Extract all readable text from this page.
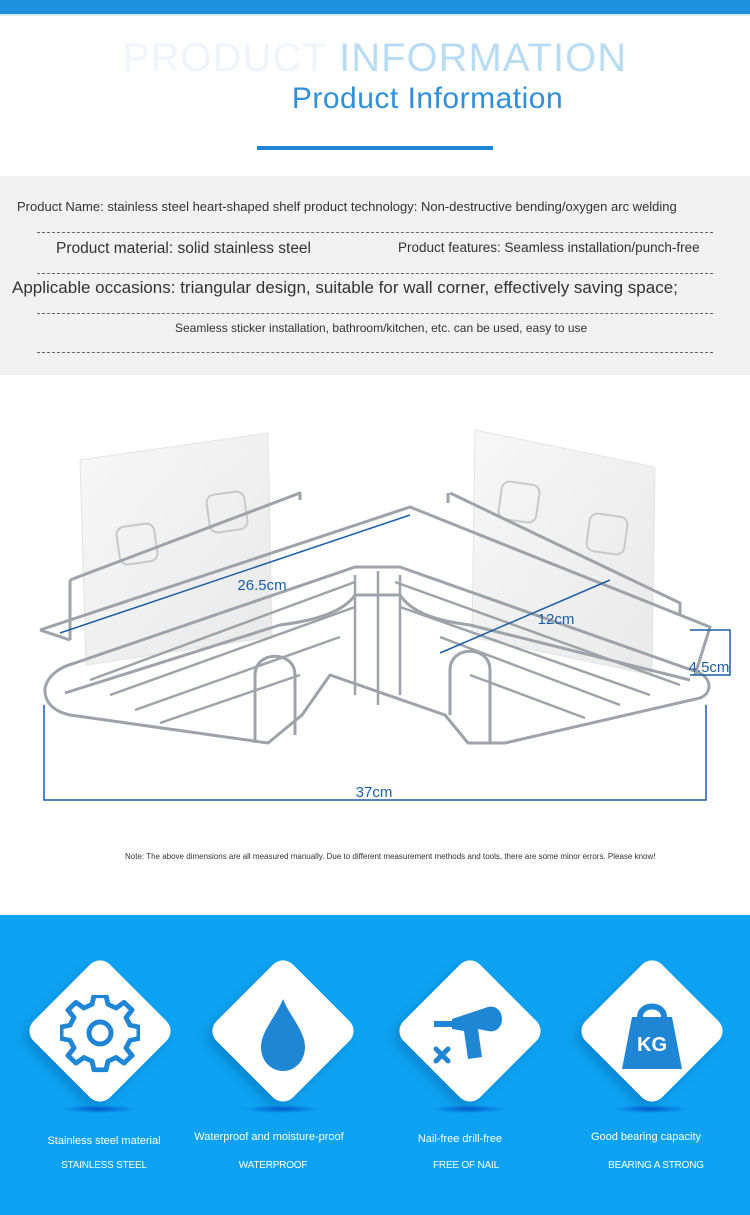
PRODUCT INFORMATION
Product Information
Product Name: stainless steel heart-shaped shelf product technology: Non-destructive bending/oxygen arc welding
Product material: solid stainless steel	Product features: Seamless installation/punch-free
Applicable occasions: triangular design, suitable for wall corner, effectively saving space;
Seamless sticker installation, bathroom/kitchen, etc. can be used, easy to use
26.5cm
12cm
4.5cm
37cm
Note: The above dimensions are all measured manually. Due to different measurement methods and tools, there are some minor errors. Please know!
Stainless steel material
STAINLESS STEEL
Waterproof and moisture-proof
WATERPROOF
Nail-free drill-free
FREE OF NAIL
KG
Good bearing capacity
BEARING A STRONG
